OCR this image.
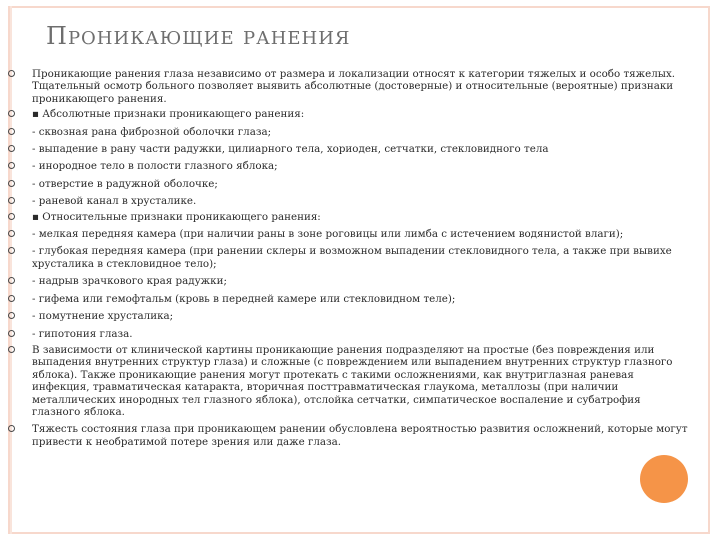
ПРОНИКАЮЩИЕ РАНЕНИЯ
Проникающие ранения глаза независимо от размера и локализации относят к категории тяжелых и особо тяжелых. Тщательный осмотр больного позволяет выявить абсолютные (достоверные) и относительные (вероятные) признаки проникающего ранения.
▪ Абсолютные признаки проникающего ранения:
- сквозная рана фиброзной оболочки глаза;
- выпадение в рану части радужки, цилиарного тела, хориоден, сетчатки, стекловидного тела
- инородное тело в полости глазного яблока;
- отверстие в радужной оболочке;
- раневой канал в хрусталике.
▪ Относительные признаки проникающего ранения:
- мелкая передняя камера (при наличии раны в зоне роговицы или лимба с истечением водянистой влаги);
- глубокая передняя камера (при ранении склеры и возможном выпадении стекловидного тела, а также при вывихе хрусталика в стекловидное тело);
- надрыв зрачкового края радужки;
- гифема или гемофтальм (кровь в передней камере или стекловидном теле);
- помутнение хрусталика;
- гипотония глаза.
В зависимости от клинической картины проникающие ранения подразделяют на простые (без повреждения или выпадения внутренних структур глаза) и сложные (с повреждением или выпадением внутренних структур глазного яблока). Также проникающие ранения могут протекать с такими осложнениями, как внутриглазная раневая инфекция, травматическая катаракта, вторичная посттравматическая глаукома, металлозы (при наличии металлических инородных тел глазного яблока), отслойка сетчатки, симпатическое воспаление и субатрофия глазного яблока.
Тяжесть состояния глаза при проникающем ранении обусловлена вероятностью развития осложнений, которые могут привести к необратимой потере зрения или даже глаза.
